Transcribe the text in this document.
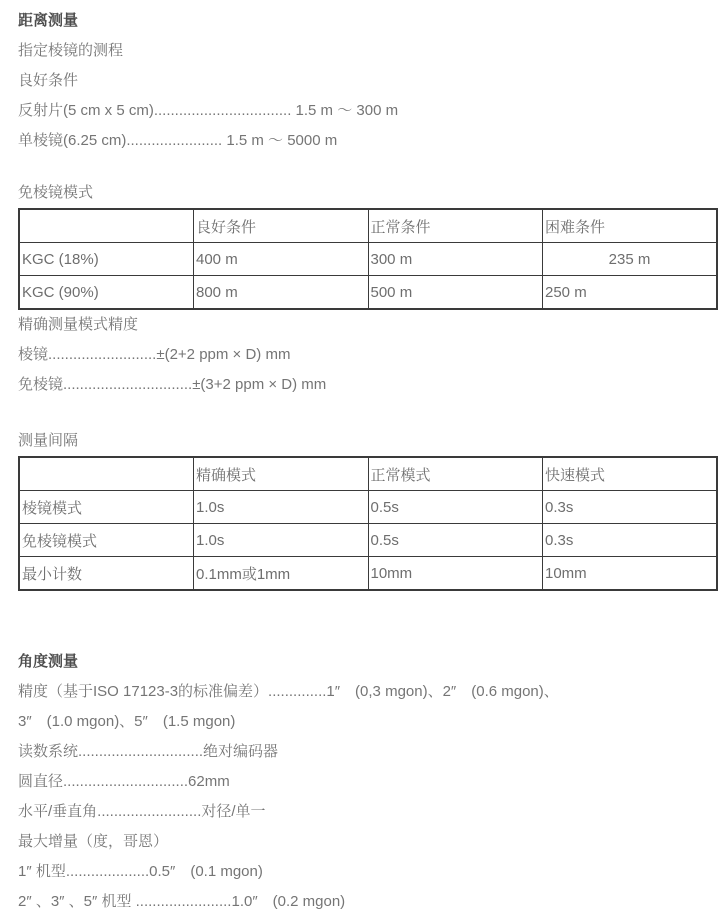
距离测量

指定棱镜的测程

良好条件

反射片(5 cm x 5 cm)................................. 1.5 m ～ 300 m

单棱镜(6.25 cm)....................... 1.5 m ～ 5000 m

免棱镜模式
	良好条件	正常条件	困难条件
KGC (18%)	400 m	300 m	235 m
KGC (90%)	800 m	500 m	250 m

精确测量模式精度

棱镜..........................±(2+2 ppm × D) mm

免棱镜...............................±(3+2 ppm × D) mm

测量间隔
	精确模式	正常模式	快速模式
棱镜模式	1.0s	0.5s	0.3s
免棱镜模式	1.0s	0.5s	0.3s
最小计数	0.1mm或1mm	10mm	10mm
角度测量

精度（基于ISO 17123-3的标准偏差）..............1″　(0,3 mgon)、2″　(0.6 mgon)、

3″　(1.0 mgon)、5″　(1.5 mgon)

读数系统..............................绝对编码器

圆直径..............................62mm

水平/垂直角.........................对径/单一

最大增量（度，哥恩）

1″ 机型....................0.5″　(0.1 mgon)

2″ 、3″ 、5″ 机型 .......................1.0″　(0.2 mgon)
